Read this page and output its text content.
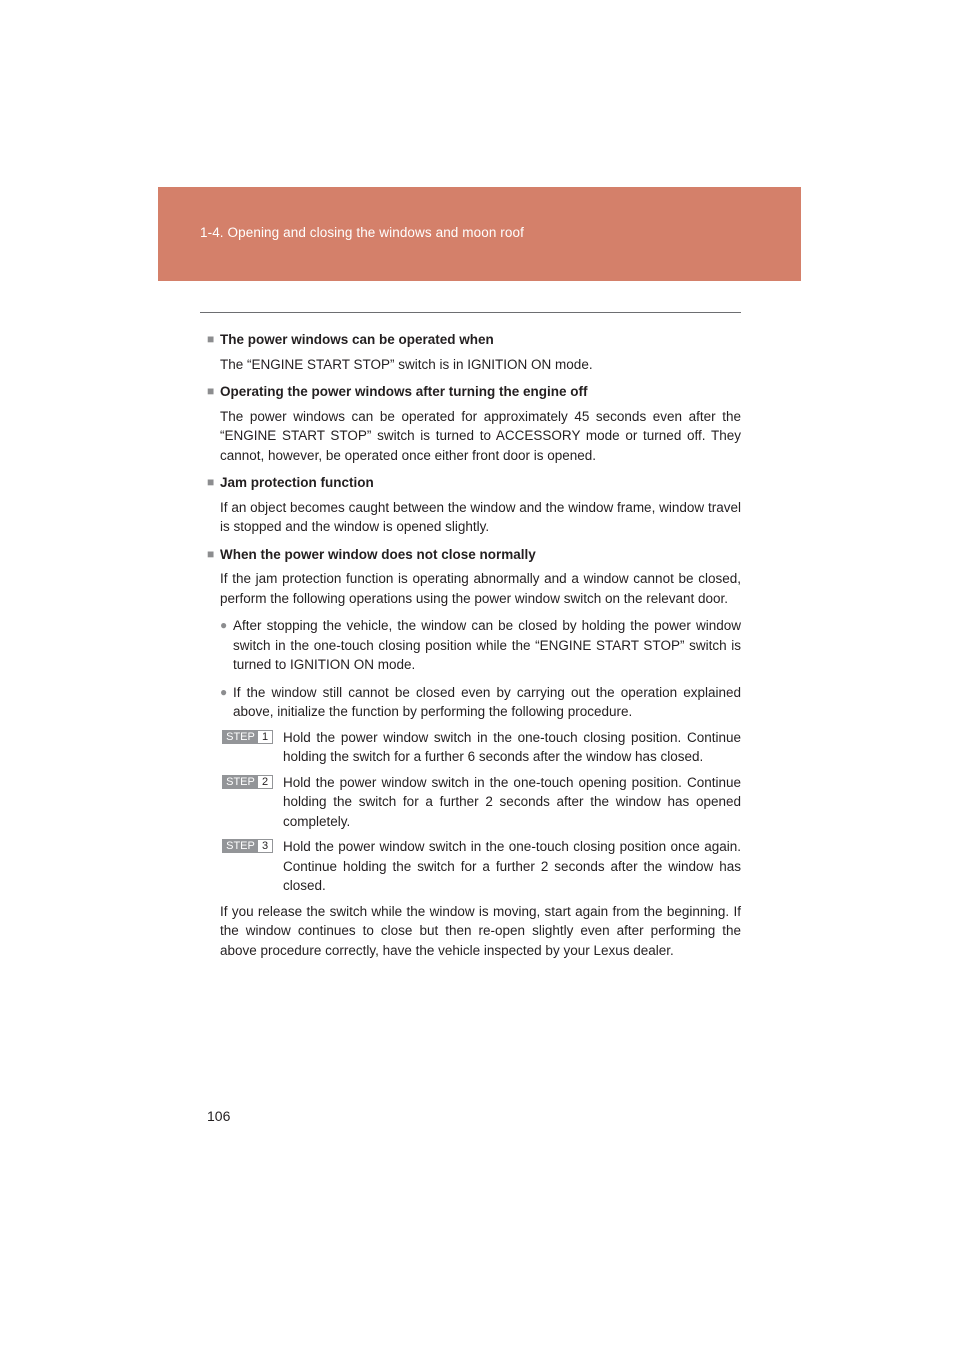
1-4. Opening and closing the windows and moon roof
■ The power windows can be operated when

The “ENGINE START STOP” switch is in IGNITION ON mode.

■ Operating the power windows after turning the engine off

The power windows can be operated for approximately 45 seconds even after the “ENGINE START STOP” switch is turned to ACCESSORY mode or turned off. They cannot, however, be operated once either front door is opened.

■ Jam protection function

If an object becomes caught between the window and the window frame, window travel is stopped and the window is opened slightly.

■ When the power window does not close normally

If the jam protection function is operating abnormally and a window cannot be closed, perform the following operations using the power window switch on the relevant door.

● After stopping the vehicle, the window can be closed by holding the power window switch in the one-touch closing position while the “ENGINE START STOP” switch is turned to IGNITION ON mode.
● If the window still cannot be closed even by carrying out the operation explained above, initialize the function by performing the following procedure.
STEP 1 Hold the power window switch in the one-touch closing position. Continue holding the switch for a further 6 seconds after the window has closed.
STEP 2 Hold the power window switch in the one-touch opening position. Continue holding the switch for a further 2 seconds after the window has opened completely.
STEP 3 Hold the power window switch in the one-touch closing position once again. Continue holding the switch for a further 2 seconds after the window has closed.

If you release the switch while the window is moving, start again from the beginning. If the window continues to close but then re-open slightly even after performing the above procedure correctly, have the vehicle inspected by your Lexus dealer.

106
